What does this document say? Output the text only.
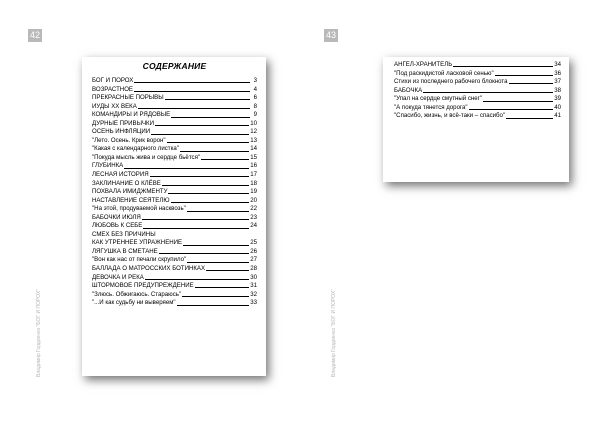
42
Владимир Гордиенко "БОГ И ПОРОХ"
СОДЕРЖАНИЕ
БОГ И ПОРОХ	3
ВОЗРАСТНОЕ	4
ПРЕКРАСНЫЕ ПОРЫВЫ	6
ИУДЫ ХХ ВЕКА	8
КОМАНДИРЫ И РЯДОВЫЕ	9
ДУРНЫЕ ПРИВЫЧКИ	10
ОСЕНЬ ИНФЛЯЦИИ	12
"Лето. Осень. Крик ворон"	13
"Какая с календарного листка"	14
"Покуда мысль жива и сердце бьётся"	15
ГЛУБИНКА	16
ЛЕСНАЯ ИСТОРИЯ	17
ЗАКЛИНАНИЕ О КЛЁВЕ	18
ПОХВАЛА ИМИДЖМЕНТУ	19
НАСТАВЛЕНИЕ СЕЯТЕЛЮ	20
"На этой, продуваемой насквозь"	22
БАБОЧКИ ИЮЛЯ	23
ЛЮБОВЬ К СЕБЕ	24
СМЕХ БЕЗ ПРИЧИНЫ
КАК УТРЕННЕЕ УПРАЖНЕНИЕ	25
ЛЯГУШКА В СМЕТАНЕ	26
"Вон как нас от печали скрупило"	27
БАЛЛАДА О МАТРОССКИХ БОТИНКАХ	28
ДЕВОЧКА И РЕКА	30
ШТОРМОВОЕ ПРЕДУПРЕЖДЕНИЕ	31
"Злюсь. Обжигаюсь. Стараюсь"	32
"...И как судьбу ни выверяем"	33
43
Владимир Гордиенко "БОГ И ПОРОХ"
АНГЕЛ-ХРАНИТЕЛЬ	34
"Под раскидистой ласковой сенью"	36
Стихи из последнего рабочего блокнота	37
БАБОЧКА	38
"Упал на сердце смутный снег"	39
"А покуда тянется дорога"	40
"Спасибо, жизнь, и всё-таки – спасибо"	41
